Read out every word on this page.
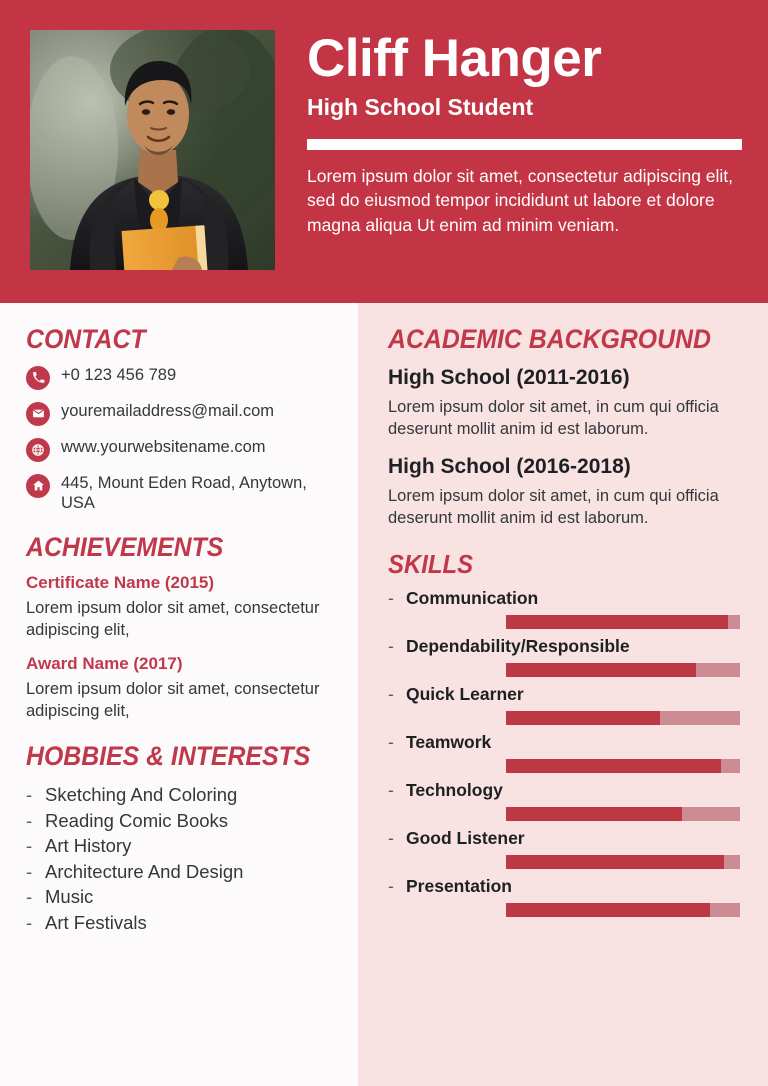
Cliff Hanger
High School Student
Lorem ipsum dolor sit amet, consectetur adipiscing elit, sed do eiusmod tempor incididunt ut labore et dolore magna aliqua Ut enim ad minim veniam.
CONTACT
+0 123 456 789
youremailaddress@mail.com
www.yourwebsitename.com
445, Mount Eden Road, Anytown, USA
ACHIEVEMENTS
Certificate Name (2015)
Lorem ipsum dolor sit amet, consectetur adipiscing elit,
Award Name (2017)
Lorem ipsum dolor sit amet, consectetur adipiscing elit,
HOBBIES & INTERESTS
- Sketching And Coloring
- Reading Comic Books
- Art History
- Architecture And Design
- Music
- Art Festivals
ACADEMIC BACKGROUND
High School (2011-2016)
Lorem ipsum dolor sit amet, in cum qui officia deserunt mollit anim id est laborum.
High School (2016-2018)
Lorem ipsum dolor sit amet, in cum qui officia deserunt mollit anim id est laborum.
SKILLS
- Communication
- Dependability/Responsible
- Quick Learner
- Teamwork
- Technology
- Good Listener
- Presentation
